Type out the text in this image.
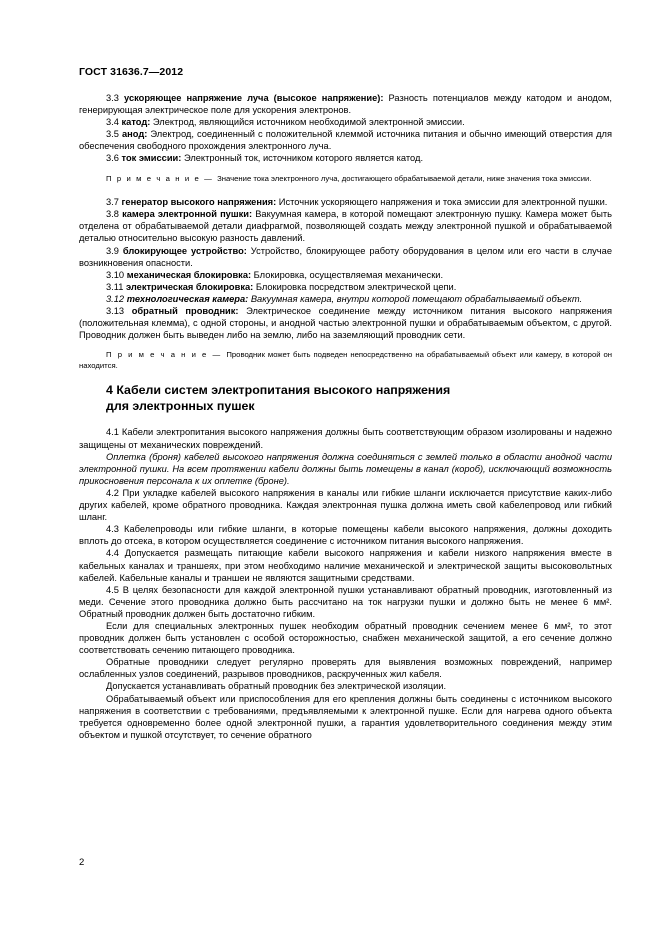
ГОСТ 31636.7—2012

3.3 ускоряющее напряжение луча (высокое напряжение): Разность потенциалов между катодом и анодом, генерирующая электрическое поле для ускорения электронов.

3.4 катод: Электрод, являющийся источником необходимой электронной эмиссии.

3.5 анод: Электрод, соединенный с положительной клеммой источника питания и обычно имеющий отверстия для обеспечения свободного прохождения электронного луча.

3.6 ток эмиссии: Электронный ток, источником которого является катод.

П р и м е ч а н и е — Значение тока электронного луча, достигающего обрабатываемой детали, ниже значения тока эмиссии.

3.7 генератор высокого напряжения: Источник ускоряющего напряжения и тока эмиссии для электронной пушки.

3.8 камера электронной пушки: Вакуумная камера, в которой помещают электронную пушку. Камера может быть отделена от обрабатываемой детали диафрагмой, позволяющей создать между электронной пушкой и обрабатываемой деталью относительно высокую разность давлений.

3.9 блокирующее устройство: Устройство, блокирующее работу оборудования в целом или его части в случае возникновения опасности.

3.10 механическая блокировка: Блокировка, осуществляемая механически.

3.11 электрическая блокировка: Блокировка посредством электрической цепи.

3.12 технологическая камера: Вакуумная камера, внутри которой помещают обрабатываемый объект.

3.13 обратный проводник: Электрическое соединение между источником питания высокого напряжения (положительная клемма), с одной стороны, и анодной частью электронной пушки и обрабатываемым объектом, с другой. Проводник должен быть выведен либо на землю, либо на заземляющий проводник сети.

П р и м е ч а н и е — Проводник может быть подведен непосредственно на обрабатываемый объект или камеру, в которой он находится.

4 Кабели систем электропитания высокого напряжения
для электронных пушек

4.1 Кабели электропитания высокого напряжения должны быть соответствующим образом изолированы и надежно защищены от механических повреждений.

Оплетка (броня) кабелей высокого напряжения должна соединяться с землей только в области анодной части электронной пушки. На всем протяжении кабели должны быть помещены в канал (короб), исключающий возможность прикосновения персонала к их оплетке (броне).

4.2 При укладке кабелей высокого напряжения в каналы или гибкие шланги исключается присутствие каких-либо других кабелей, кроме обратного проводника. Каждая электронная пушка должна иметь свой кабелепровод или гибкий шланг.

4.3 Кабелепроводы или гибкие шланги, в которые помещены кабели высокого напряжения, должны доходить вплоть до отсека, в котором осуществляется соединение с источником питания высокого напряжения.

4.4 Допускается размещать питающие кабели высокого напряжения и кабели низкого напряжения вместе в кабельных каналах и траншеях, при этом необходимо наличие механической и электрической защиты высоковольтных кабелей. Кабельные каналы и траншеи не являются защитными средствами.

4.5 В целях безопасности для каждой электронной пушки устанавливают обратный проводник, изготовленный из меди. Сечение этого проводника должно быть рассчитано на ток нагрузки пушки и должно быть не менее 6 мм². Обратный проводник должен быть достаточно гибким.

Если для специальных электронных пушек необходим обратный проводник сечением менее 6 мм², то этот проводник должен быть установлен с особой осторожностью, снабжен механической защитой, а его сечение должно соответствовать сечению питающего проводника.

Обратные проводники следует регулярно проверять для выявления возможных повреждений, например ослабленных узлов соединений, разрывов проводников, раскрученных жил кабеля.

Допускается устанавливать обратный проводник без электрической изоляции.

Обрабатываемый объект или приспособления для его крепления должны быть соединены с источником высокого напряжения в соответствии с требованиями, предъявляемыми к электронной пушке. Если для нагрева одного объекта требуется одновременно более одной электронной пушки, а гарантия удовлетворительного соединения между этим объектом и пушкой отсутствует, то сечение обратного

2
